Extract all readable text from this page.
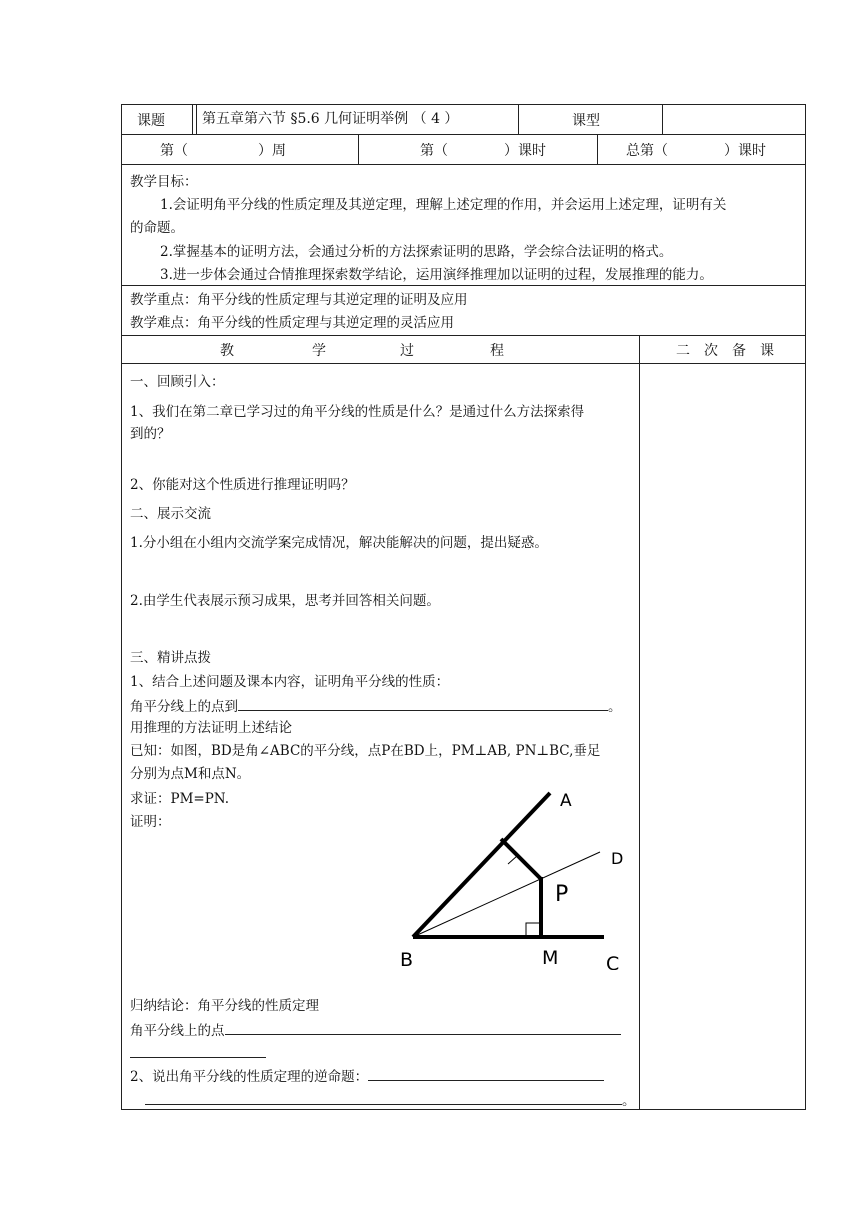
课题	第五章第六节 §5.6 几何证明举例 （ 4 ）	课型
第（　　　　　）周	第（　　　　）课时	总第（　　　　）课时
教学目标：
1.会证明角平分线的性质定理及其逆定理，理解上述定理的作用，并会运用上述定理，证明有关
的命题。
2.掌握基本的证明方法，会通过分析的方法探索证明的思路，学会综合法证明的格式。
3.进一步体会通过合情推理探索数学结论，运用演绎推理加以证明的过程，发展推理的能力。
教学重点：角平分线的性质定理与其逆定理的证明及应用
教学难点：角平分线的性质定理与其逆定理的灵活应用
教	学	过	程	二　次　备　课
一、回顾引入：
1、我们在第二章已学习过的角平分线的性质是什么？是通过什么方法探索得
到的？
2、你能对这个性质进行推理证明吗？
二、展示交流
1.分小组在小组内交流学案完成情况，解决能解决的问题，提出疑惑。
2.由学生代表展示预习成果，思考并回答相关问题。
三、精讲点拨
1、结合上述问题及课本内容，证明角平分线的性质：
角平分线上的点到	。
用推理的方法证明上述结论
已知：如图，BD是角∠ABC的平分线，点P在BD上，PM⊥AB, PN⊥BC,垂足
分别为点M和点N。
求证：PM=PN.
证明：
A
D
P
B	M	C
归纳结论：角平分线的性质定理
角平分线上的点
2、说出角平分线的性质定理的逆命题：
。
